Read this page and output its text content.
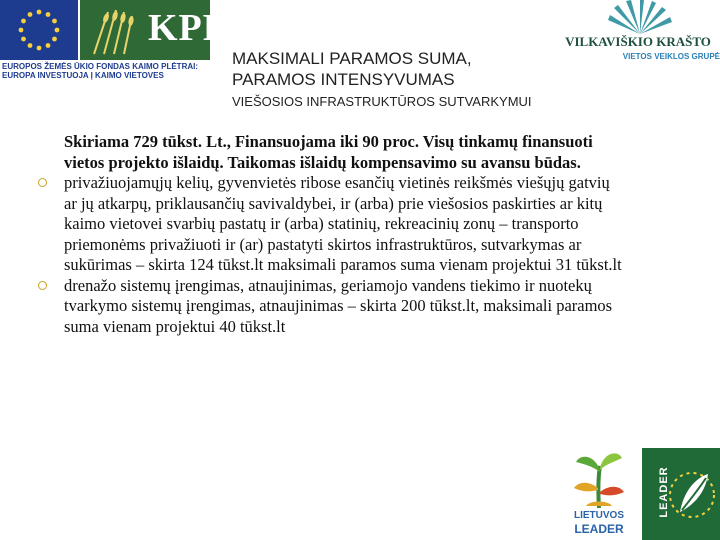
KPF
EUROPOS ŽEMĖS ŪKIO FONDAS KAIMO PLĖTRAI:
EUROPA INVESTUOJA Į KAIMO VIETOVES
VILKAVIŠKIO KRAŠTO
VIETOS VEIKLOS GRUPĖ
MAKSIMALI PARAMOS SUMA,
PARAMOS INTENSYVUMAS
VIEŠOSIOS INFRASTRUKTŪROS SUTVARKYMUI

Skiriama 729 tūkst. Lt., Finansuojama iki 90 proc. Visų tinkamų finansuoti vietos projekto išlaidų. Taikomas išlaidų kompensavimo su avansu būdas.

privažiuojamųjų kelių, gyvenvietės ribose esančių vietinės reikšmės viešųjų gatvių ar jų atkarpų, priklausančių savivaldybei, ir (arba) prie viešosios paskirties ar kitų kaimo vietovei svarbių pastatų ir (arba) statinių, rekreacinių zonų – transporto priemonėms privažiuoti ir (ar) pastatyti skirtos infrastruktūros, sutvarkymas ar sukūrimas – skirta 124 tūkst.lt maksimali paramos suma vienam projektui 31 tūkst.lt
drenažo sistemų įrengimas, atnaujinimas, geriamojo vandens tiekimo ir nuotekų tvarkymo sistemų įrengimas, atnaujinimas – skirta 200 tūkst.lt, maksimali paramos suma vienam projektui 40 tūkst.lt
LIETUVOS
LEADER
LEADER
